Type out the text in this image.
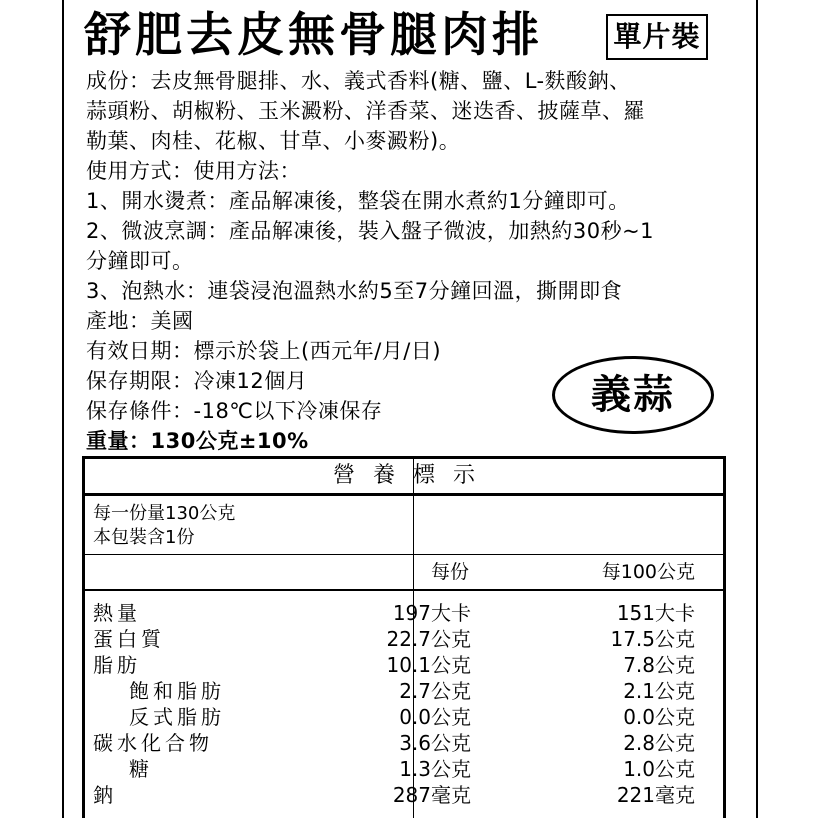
舒肥去皮無骨腿肉排	單片裝
成份：去皮無骨腿排、水、義式香料(糖、鹽、L-麩酸鈉、
蒜頭粉、胡椒粉、玉米澱粉、洋香菜、迷迭香、披薩草、羅
勒葉、肉桂、花椒、甘草、小麥澱粉)。
使用方式：使用方法：
1、開水燙煮：產品解凍後，整袋在開水煮約1分鐘即可。
2、微波烹調：產品解凍後，裝入盤子微波，加熱約30秒~1
分鐘即可。
3、泡熱水：連袋浸泡溫熱水約5至7分鐘回溫，撕開即食
產地：美國
有效日期：標示於袋上(西元年/月/日)
保存期限：冷凍12個月
保存條件：-18℃以下冷凍保存
重量：130公克±10%
義蒜
營養標示
每一份量130公克
本包裝含1份
每份	每100公克
熱量	197大卡	151大卡
蛋白質	22.7公克	17.5公克
脂肪	10.1公克	7.8公克
飽和脂肪	2.7公克	2.1公克
反式脂肪	0.0公克	0.0公克
碳水化合物	3.6公克	2.8公克
糖	1.3公克	1.0公克
鈉	287毫克	221毫克
